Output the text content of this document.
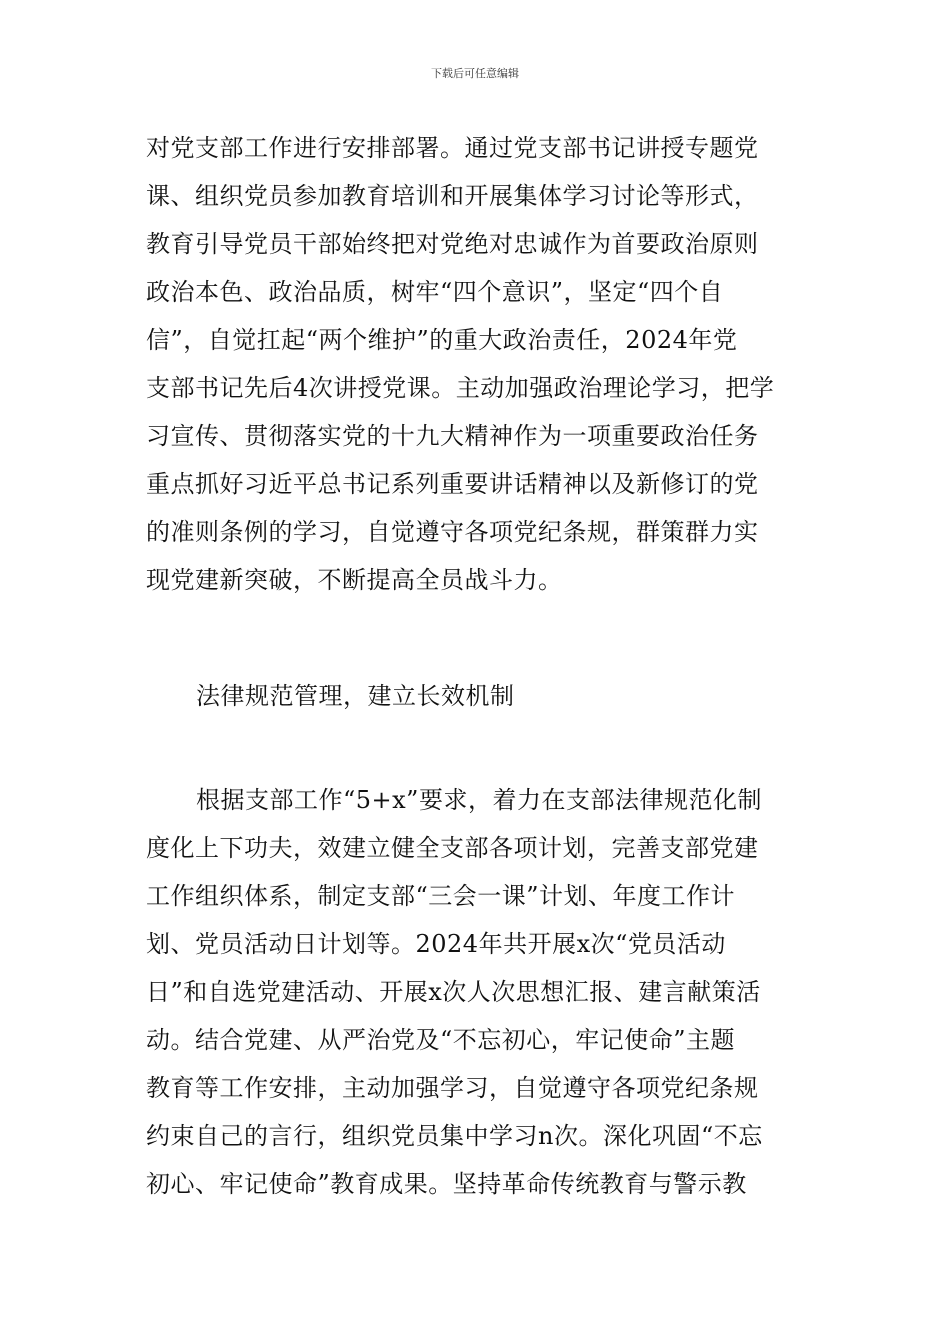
下载后可任意编辑
对党支部工作进行安排部署。通过党支部书记讲授专题党
课、组织党员参加教育培训和开展集体学习讨论等形式，
教育引导党员干部始终把对党绝对忠诚作为首要政治原则
政治本色、政治品质，树牢“四个意识”，坚定“四个自
信”，自觉扛起“两个维护”的重大政治责任，2024年党
支部书记先后4次讲授党课。主动加强政治理论学习，把学
习宣传、贯彻落实党的十九大精神作为一项重要政治任务
重点抓好习近平总书记系列重要讲话精神以及新修订的党
的准则条例的学习，自觉遵守各项党纪条规，群策群力实
现党建新突破，不断提高全员战斗力。
法律规范管理，建立长效机制
根据支部工作“5+x”要求，着力在支部法律规范化制
度化上下功夫，效建立健全支部各项计划，完善支部党建
工作组织体系，制定支部“三会一课”计划、年度工作计
划、党员活动日计划等。2024年共开展x次“党员活动
日”和自选党建活动、开展x次人次思想汇报、建言献策活
动。结合党建、从严治党及“不忘初心，牢记使命”主题
教育等工作安排，主动加强学习，自觉遵守各项党纪条规
约束自己的言行，组织党员集中学习n次。深化巩固“不忘
初心、牢记使命”教育成果。坚持革命传统教育与警示教
